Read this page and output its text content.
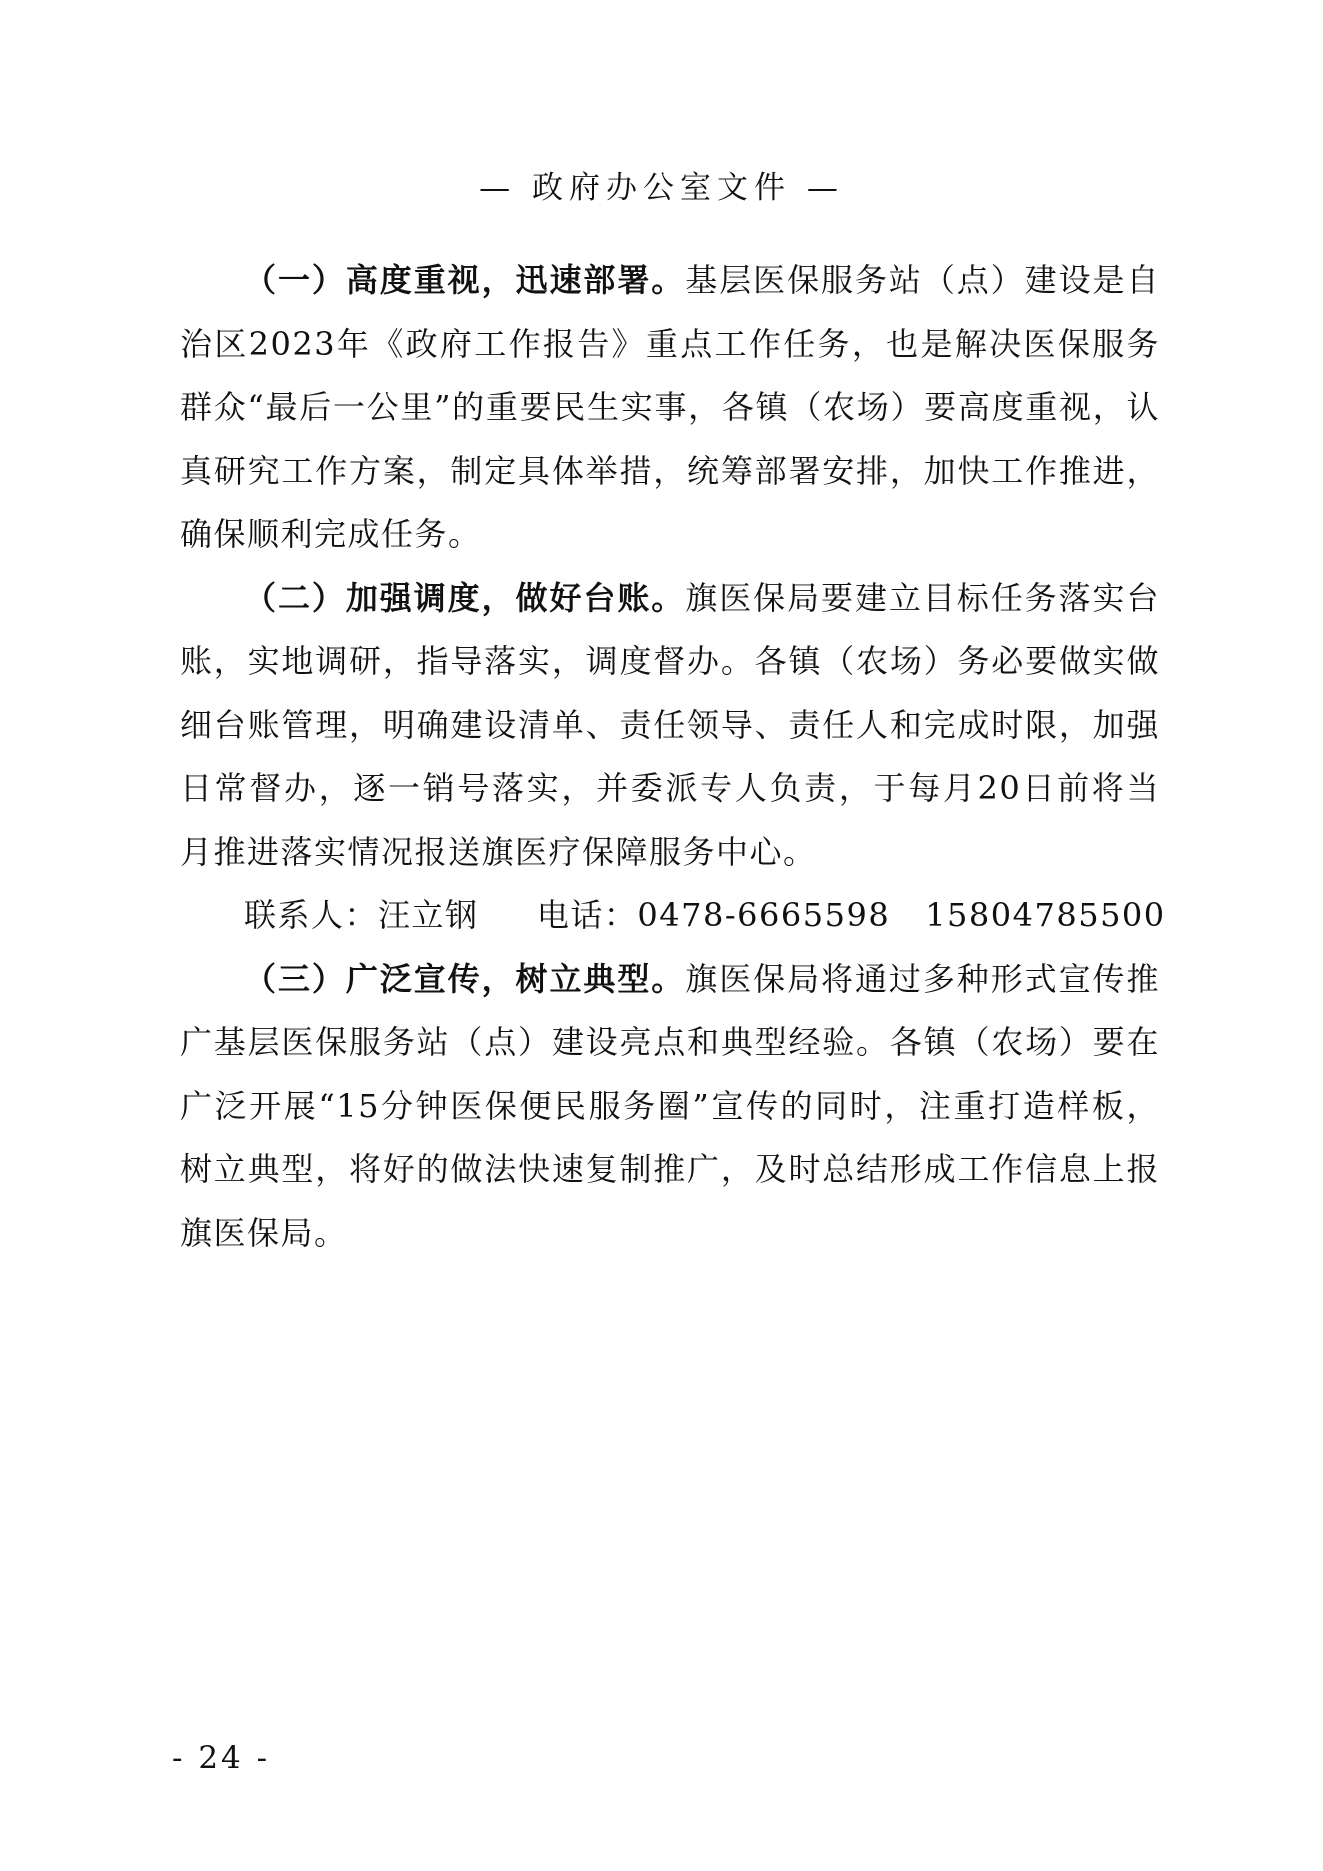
— 政府办公室文件 —

（一）高度重视，迅速部署。基层医保服务站（点）建设是自治区2023年《政府工作报告》重点工作任务，也是解决医保服务群众“最后一公里”的重要民生实事，各镇（农场）要高度重视，认真研究工作方案，制定具体举措，统筹部署安排，加快工作推进，确保顺利完成任务。

（二）加强调度，做好台账。旗医保局要建立目标任务落实台账，实地调研，指导落实，调度督办。各镇（农场）务必要做实做细台账管理，明确建设清单、责任领导、责任人和完成时限，加强日常督办，逐一销号落实，并委派专人负责，于每月20日前将当月推进落实情况报送旗医疗保障服务中心。

联系人：汪立钢 电话：0478-6665598 15804785500

（三）广泛宣传，树立典型。旗医保局将通过多种形式宣传推广基层医保服务站（点）建设亮点和典型经验。各镇（农场）要在广泛开展“15分钟医保便民服务圈”宣传的同时，注重打造样板，树立典型，将好的做法快速复制推广，及时总结形成工作信息上报旗医保局。

- 24 -
